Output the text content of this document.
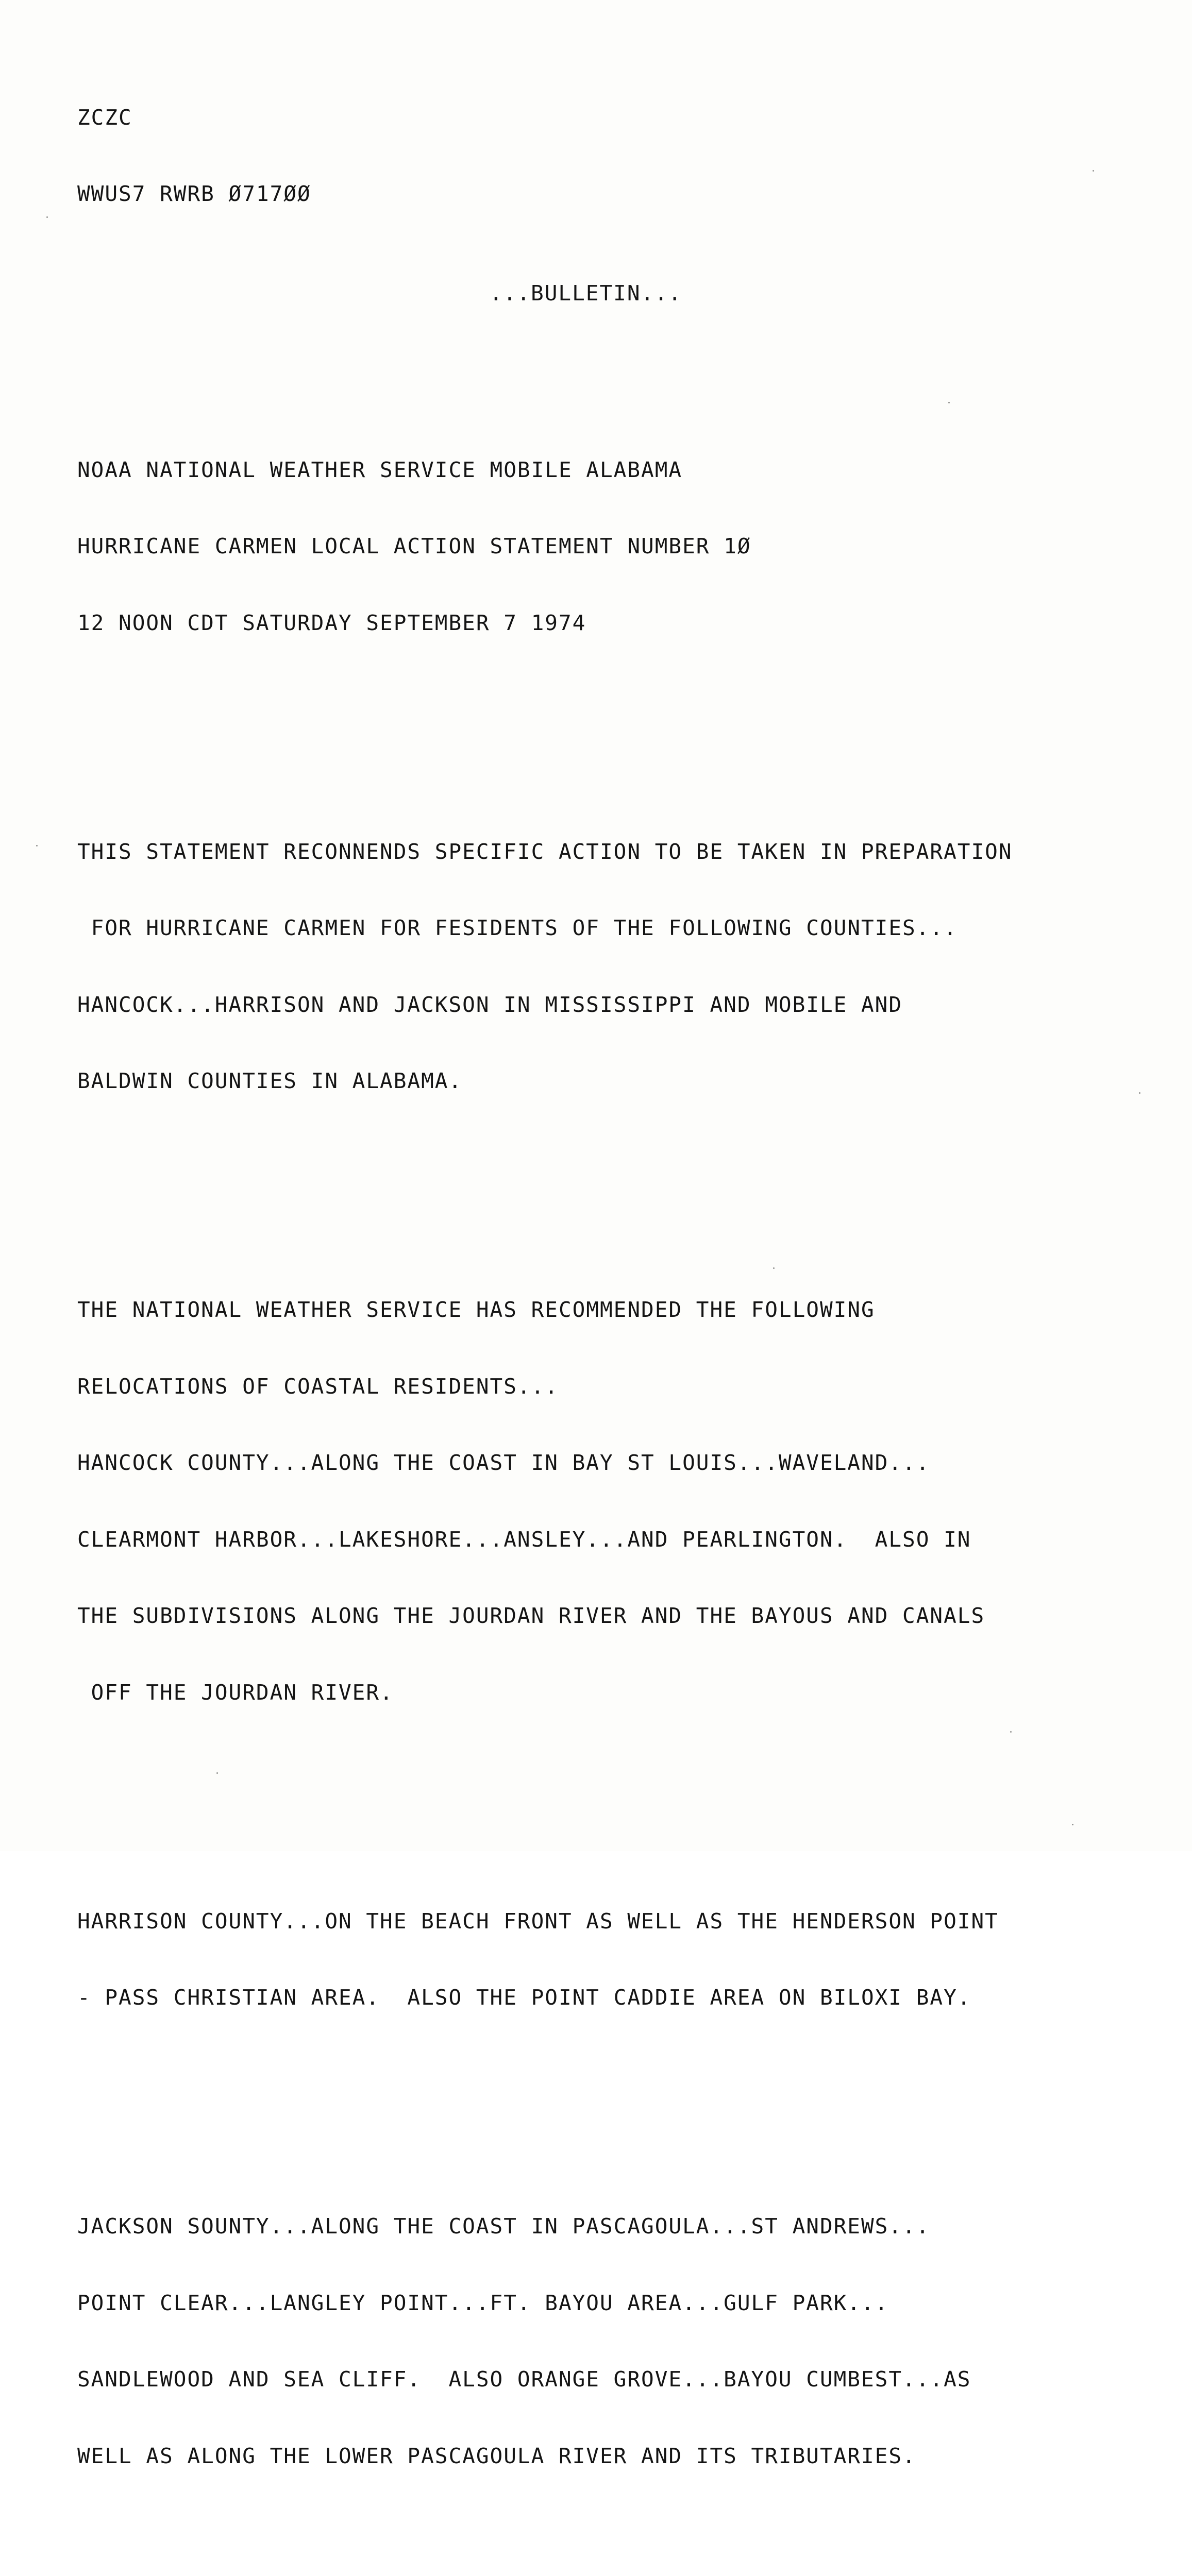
ZCZC

WWUS7 RWRB Ø717ØØ

...BULLETIN...

NOAA NATIONAL WEATHER SERVICE MOBILE ALABAMA

HURRICANE CARMEN LOCAL ACTION STATEMENT NUMBER 1Ø

12 NOON CDT SATURDAY SEPTEMBER 7 1974

THIS STATEMENT RECONNENDS SPECIFIC ACTION TO BE TAKEN IN PREPARATION

FOR HURRICANE CARMEN FOR FESIDENTS OF THE FOLLOWING COUNTIES...

HANCOCK...HARRISON AND JACKSON IN MISSISSIPPI AND MOBILE AND

BALDWIN COUNTIES IN ALABAMA.

THE NATIONAL WEATHER SERVICE HAS RECOMMENDED THE FOLLOWING

RELOCATIONS OF COASTAL RESIDENTS...

HANCOCK COUNTY...ALONG THE COAST IN BAY ST LOUIS...WAVELAND...

CLEARMONT HARBOR...LAKESHORE...ANSLEY...AND PEARLINGTON.  ALSO IN

THE SUBDIVISIONS ALONG THE JOURDAN RIVER AND THE BAYOUS AND CANALS

OFF THE JOURDAN RIVER.

HARRISON COUNTY...ON THE BEACH FRONT AS WELL AS THE HENDERSON POINT

- PASS CHRISTIAN AREA.  ALSO THE POINT CADDIE AREA ON BILOXI BAY.

JACKSON SOUNTY...ALONG THE COAST IN PASCAGOULA...ST ANDREWS...

POINT CLEAR...LANGLEY POINT...FT. BAYOU AREA...GULF PARK...

SANDLEWOOD AND SEA CLIFF.  ALSO ORANGE GROVE...BAYOU CUMBEST...AS

WELL AS ALONG THE LOWER PASCAGOULA RIVER AND ITS TRIBUTARIES.
